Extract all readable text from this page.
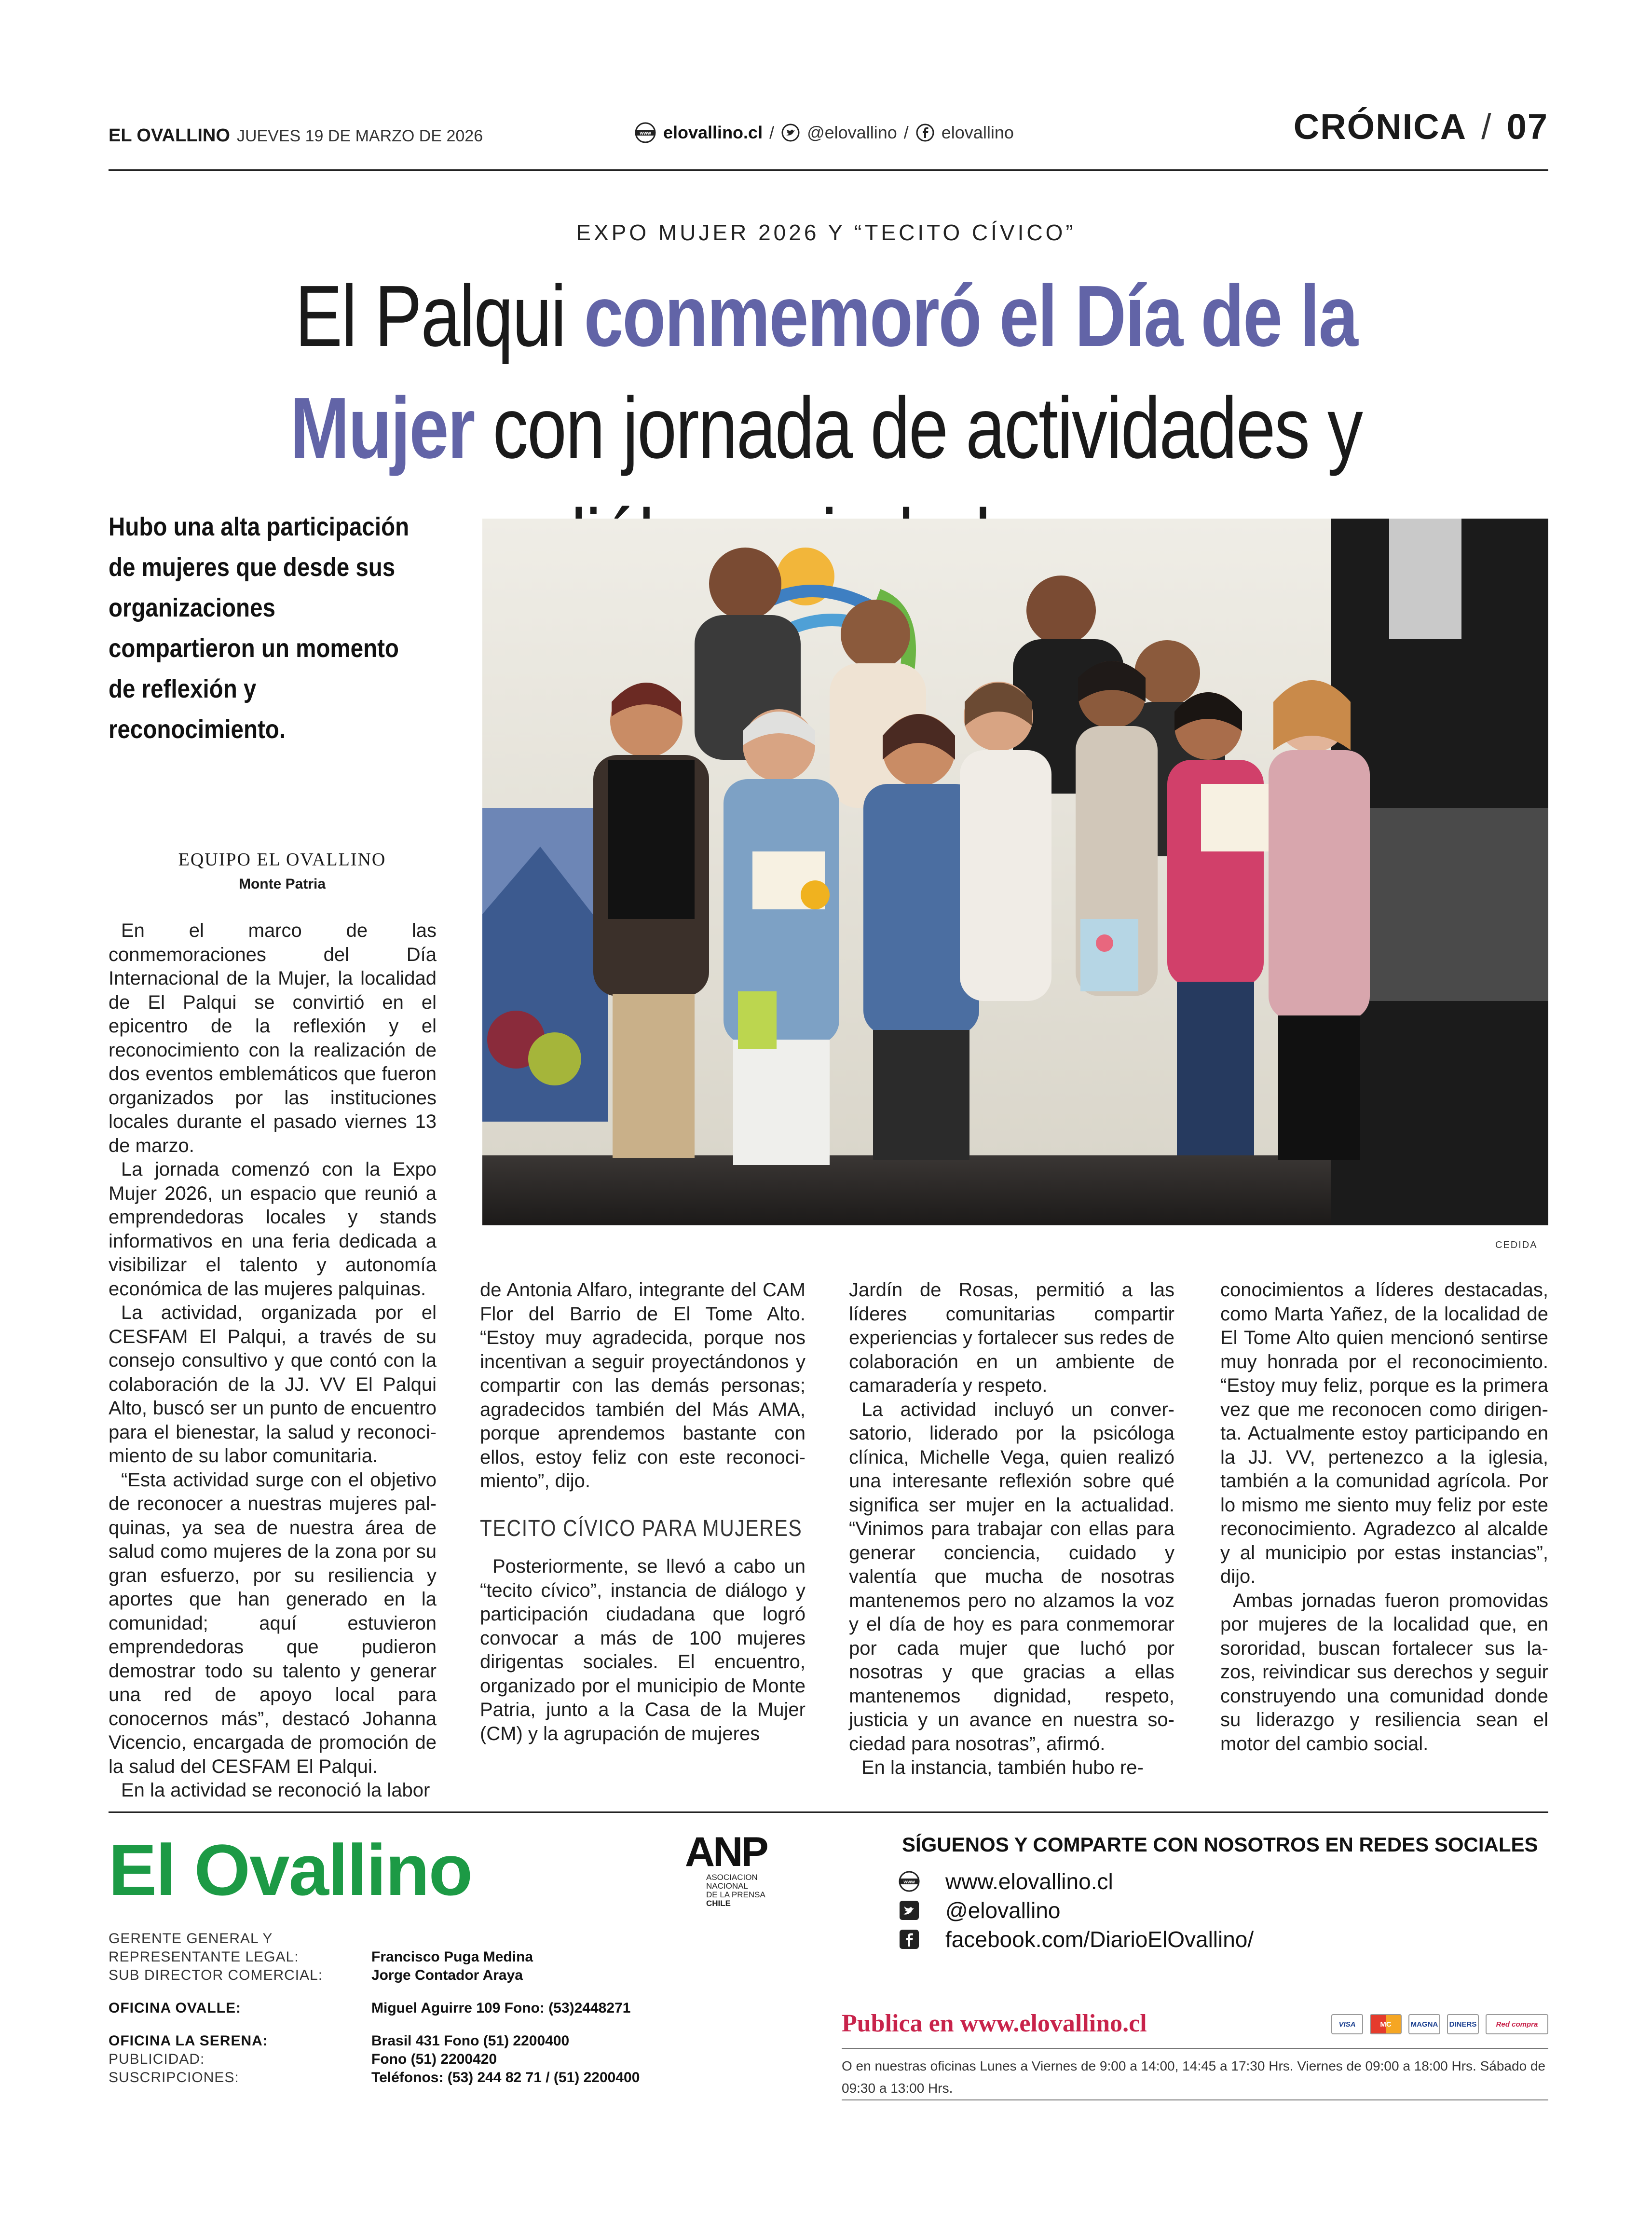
EL OVALLINO JUEVES 19 DE MARZO DE 2026	www elovallino.cl / @elovallino / elovallino	CRÓNICA / 07
EXPO MUJER 2026 Y “TECITO CÍVICO”
El Palqui conmemoró el Día de la Mujer con jornada de actividades y
Hubo una alta participación de mujeres que desde sus organizaciones compartieron un momento de reflexión y reconocimiento.
EQUIPO EL OVALLINO
Monte Patria
CEDIDA

En el marco de las conmemoraciones del Día Internacional de la Mujer, la localidad de El Palqui se convirtió en el epicentro de la reflexión y el reconocimiento con la realización de dos eventos emblemáticos que fueron organizados por las instituciones locales durante el pasado viernes 13 de marzo.

La jornada comenzó con la Expo Mujer 2026, un espacio que reunió a emprendedoras locales y stands informativos en una feria dedicada a visibilizar el talento y autonomía económica de las mujeres palquinas.

La actividad, organizada por el CESFAM El Palqui, a través de su consejo consultivo y que contó con la colaboración de la JJ. VV El Palqui Alto, buscó ser un punto de encuentro para el bienestar, la salud y reconocimiento de su labor comunitaria.

“Esta actividad surge con el objetivo de reconocer a nuestras mujeres palquinas, ya sea de nuestra área de salud como mujeres de la zona por su gran esfuerzo, por su resiliencia y aportes que han generado en la comunidad; aquí estuvieron emprendedoras que pudieron demostrar todo su talento y generar una red de apoyo local para conocernos más”, destacó Johanna Vicencio, encargada de promoción de la salud del CESFAM El Palqui.

En la actividad se reconoció la labor

de Antonia Alfaro, integrante del CAM Flor del Barrio de El Tome Alto. “Estoy muy agradecida, porque nos incentivan a seguir proyectándonos y compartir con las demás personas; agradecidos también del Más AMA, porque aprendemos bastante con ellos, estoy feliz con este reconocimiento”, dijo.

TECITO CÍVICO PARA MUJERES

Posteriormente, se llevó a cabo un “tecito cívico”, instancia de diálogo y participación ciudadana que logró convocar a más de 100 mujeres dirigentas sociales. El encuentro, organizado por el municipio de Monte Patria, junto a la Casa de la Mujer (CM) y la agrupación de mujeres

Jardín de Rosas, permitió a las líderes comunitarias compartir experiencias y fortalecer sus redes de colaboración en un ambiente de camaradería y respeto.

La actividad incluyó un conversatorio, liderado por la psicóloga clínica, Michelle Vega, quien realizó una interesante reflexión sobre qué significa ser mujer en la actualidad. “Vinimos para trabajar con ellas para generar conciencia, cuidado y valentía que mucha de nosotras mantenemos pero no alzamos la voz y el día de hoy es para conmemorar por cada mujer que luchó por nosotras y que gracias a ellas mantenemos dignidad, respeto, justicia y un avance en nuestra sociedad para nosotras”, afirmó.

En la instancia, también hubo re-

conocimientos a líderes destacadas, como Marta Yañez, de la localidad de El Tome Alto quien mencionó sentirse muy honrada por el reconocimiento. “Estoy muy feliz, porque es la primera vez que me reconocen como dirigenta. Actualmente estoy participando en la JJ. VV, pertenezco a la iglesia, también a la comunidad agrícola. Por lo mismo me siento muy feliz por este reconocimiento. Agradezco al alcalde y al municipio por estas instancias”, dijo.

Ambas jornadas fueron promovidas por mujeres de la localidad que, en sororidad, buscan fortalecer sus lazos, reivindicar sus derechos y seguir construyendo una comunidad donde su liderazgo y resiliencia sean el motor del cambio social.

El Ovallino	ANP
ASOCIACION
NACIONAL
DE LA PRENSA
CHILE
SÍGUENOS Y COMPARTE CON NOSOTROS EN REDES SOCIALES
www www.elovallino.cl
@elovallino
facebook.com/DiarioElOvallino/
GERENTE GENERAL Y
REPRESENTANTE LEGAL:	Francisco Puga Medina
SUB DIRECTOR COMERCIAL:	Jorge Contador Araya
OFICINA OVALLE:	Miguel Aguirre 109 Fono: (53)2448271
OFICINA LA SERENA:	Brasil 431 Fono (51) 2200400
PUBLICIDAD:	Fono (51) 2200420
SUSCRIPCIONES:	Teléfonos: (53) 244 82 71 / (51) 2200400
Publica en www.elovallino.cl	VISA	MC	MAGNA	DINERS	Red compra
O en nuestras oficinas Lunes a Viernes de 9:00 a 14:00, 14:45 a 17:30 Hrs. Viernes de 09:00 a 18:00 Hrs. Sábado de 09:30 a 13:00 Hrs.
